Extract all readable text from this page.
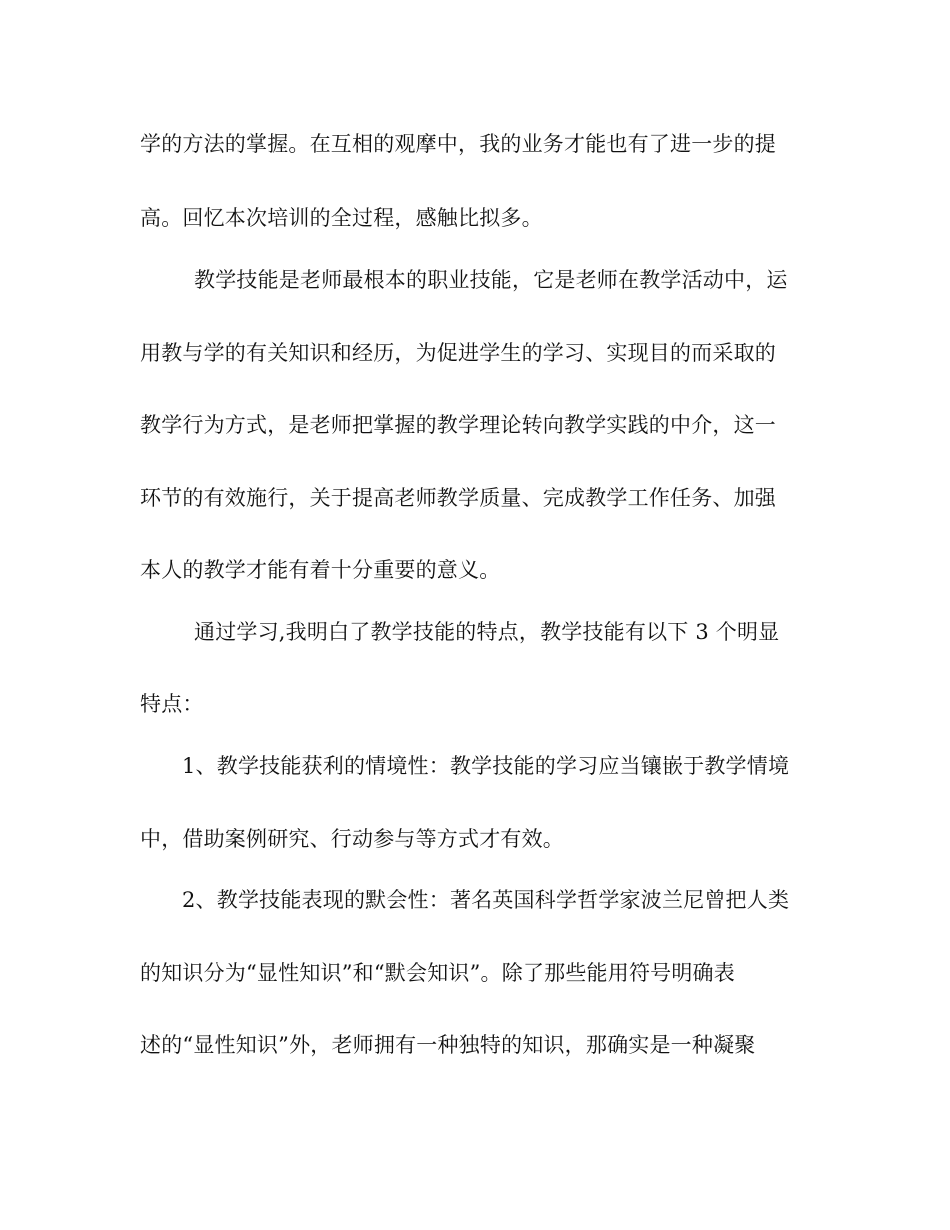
学的方法的掌握。在互相的观摩中，我的业务才能也有了进一步的提
高。回忆本次培训的全过程，感触比拟多。
教学技能是老师最根本的职业技能，它是老师在教学活动中，运
用教与学的有关知识和经历，为促进学生的学习、实现目的而采取的
教学行为方式，是老师把掌握的教学理论转向教学实践的中介，这一
环节的有效施行，关于提高老师教学质量、完成教学工作任务、加强
本人的教学才能有着十分重要的意义。
通过学习,我明白了教学技能的特点，教学技能有以下 3 个明显
特点：
1、教学技能获利的情境性：教学技能的学习应当镶嵌于教学情境
中，借助案例研究、行动参与等方式才有效。
2、教学技能表现的默会性：著名英国科学哲学家波兰尼曾把人类
的知识分为“显性知识”和“默会知识”。除了那些能用符号明确表
述的“显性知识”外，老师拥有一种独特的知识，那确实是一种凝聚
